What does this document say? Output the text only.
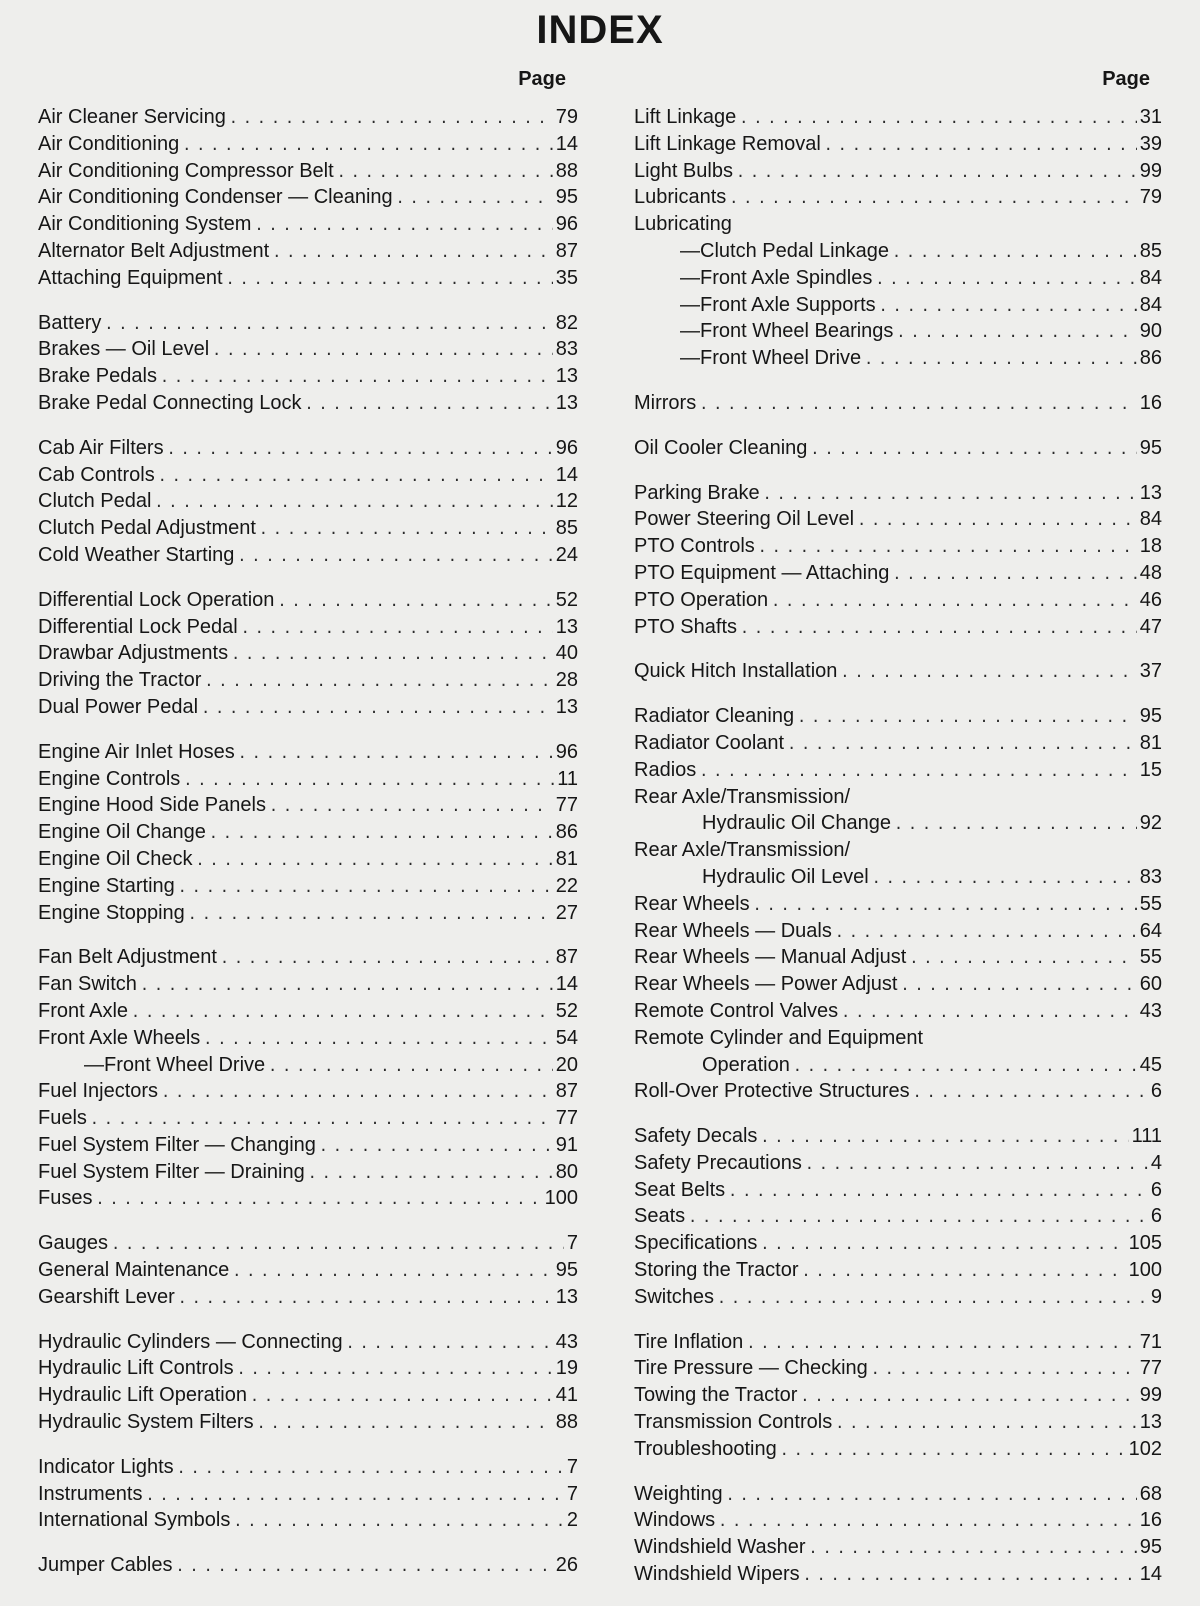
INDEX
Page
Air Cleaner Servicing .....	79
Air Conditioning .....	14
Air Conditioning Compressor Belt .....	88
Air Conditioning Condenser — Cleaning .....	95
Air Conditioning System .....	96
Alternator Belt Adjustment .....	87
Attaching Equipment .....	35
Battery .....	82
Brakes — Oil Level .....	83
Brake Pedals .....	13
Brake Pedal Connecting Lock .....	13
Cab Air Filters .....	96
Cab Controls .....	14
Clutch Pedal .....	12
Clutch Pedal Adjustment .....	85
Cold Weather Starting .....	24
Differential Lock Operation .....	52
Differential Lock Pedal .....	13
Drawbar Adjustments .....	40
Driving the Tractor .....	28
Dual Power Pedal .....	13
Engine Air Inlet Hoses .....	96
Engine Controls .....	11
Engine Hood Side Panels .....	77
Engine Oil Change .....	86
Engine Oil Check .....	81
Engine Starting .....	22
Engine Stopping .....	27
Fan Belt Adjustment .....	87
Fan Switch .....	14
Front Axle .....	52
Front Axle Wheels .....	54
—Front Wheel Drive .....	20
Fuel Injectors .....	87
Fuels .....	77
Fuel System Filter — Changing .....	91
Fuel System Filter — Draining .....	80
Fuses .....	100
Gauges .....	7
General Maintenance .....	95
Gearshift Lever .....	13
Hydraulic Cylinders — Connecting .....	43
Hydraulic Lift Controls .....	19
Hydraulic Lift Operation .....	41
Hydraulic System Filters .....	88
Indicator Lights .....	7
Instruments .....	7
International Symbols .....	2
Jumper Cables .....	26
Page
Lift Linkage .....	31
Lift Linkage Removal .....	39
Light Bulbs .....	99
Lubricants .....	79
Lubricating
—Clutch Pedal Linkage .....	85
—Front Axle Spindles .....	84
—Front Axle Supports .....	84
—Front Wheel Bearings .....	90
—Front Wheel Drive .....	86
Mirrors .....	16
Oil Cooler Cleaning .....	95
Parking Brake .....	13
Power Steering Oil Level .....	84
PTO Controls .....	18
PTO Equipment — Attaching .....	48
PTO Operation .....	46
PTO Shafts .....	47
Quick Hitch Installation .....	37
Radiator Cleaning .....	95
Radiator Coolant .....	81
Radios .....	15
Rear Axle/Transmission/
Hydraulic Oil Change .....	92
Rear Axle/Transmission/
Hydraulic Oil Level .....	83
Rear Wheels .....	55
Rear Wheels — Duals .....	64
Rear Wheels — Manual Adjust .....	55
Rear Wheels — Power Adjust .....	60
Remote Control Valves .....	43
Remote Cylinder and Equipment
Operation .....	45
Roll-Over Protective Structures .....	6
Safety Decals .....	111
Safety Precautions .....	4
Seat Belts .....	6
Seats .....	6
Specifications .....	105
Storing the Tractor .....	100
Switches .....	9
Tire Inflation .....	71
Tire Pressure — Checking .....	77
Towing the Tractor .....	99
Transmission Controls .....	13
Troubleshooting .....	102
Weighting .....	68
Windows .....	16
Windshield Washer .....	95
Windshield Wipers .....	14
